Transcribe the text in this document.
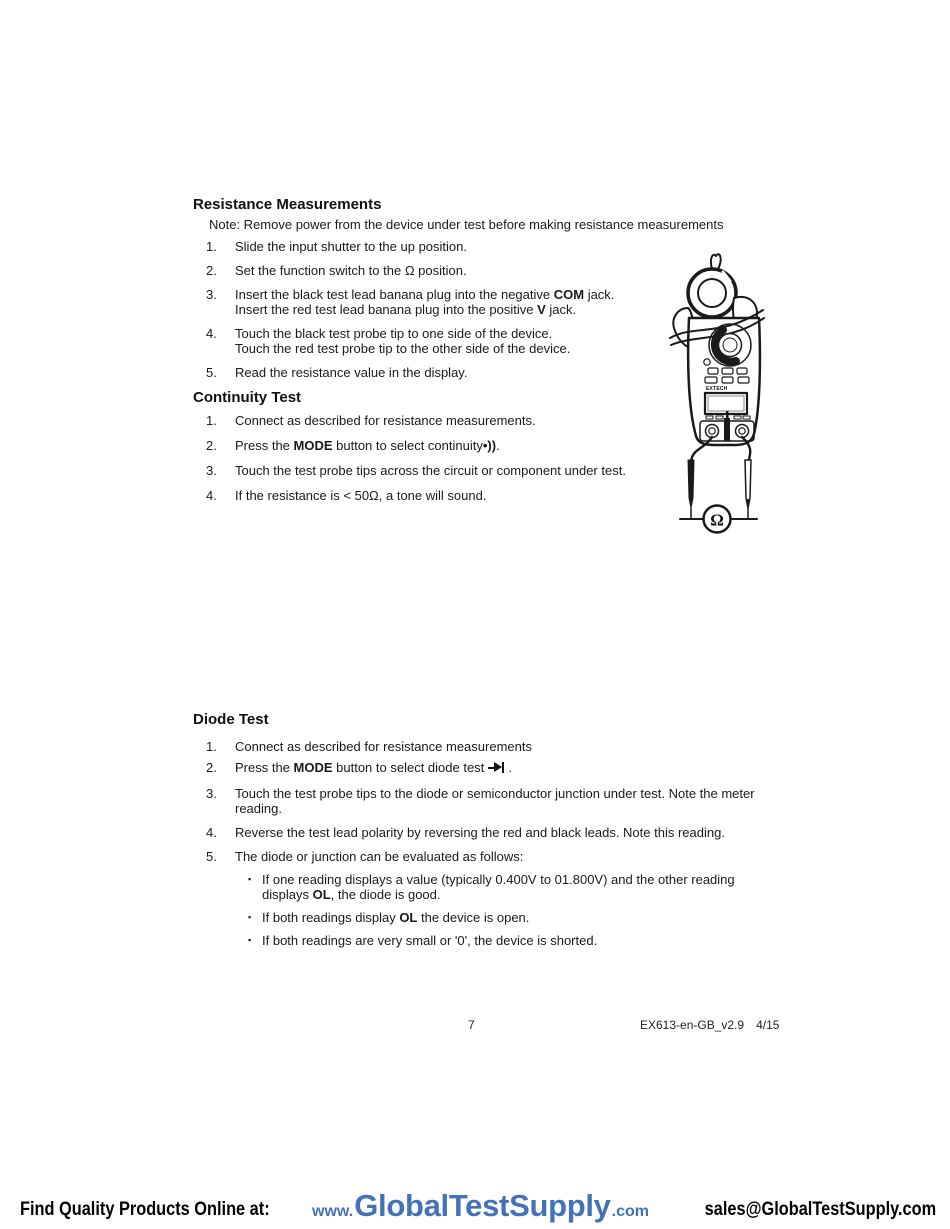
Resistance Measurements

Note: Remove power from the device under test before making resistance measurements

1.	Slide the input shutter to the up position.
2.	Set the function switch to the Ω position.
3.	Insert the black test lead banana plug into the negative COM jack.
Insert the red test lead banana plug into the positive V jack.
4.	Touch the black test probe tip to one side of the device.
Touch the red test probe tip to the other side of the device.
5.	Read the resistance value in the display.
Continuity Test
1.	Connect as described for resistance measurements.
2.	Press the MODE button to select continuity•)).
3.	Touch the test probe tips across the circuit or component under test.
4.	If the resistance is < 50Ω, a tone will sound.
Diode Test
1.	Connect as described for resistance measurements
2.	Press the MODE button to select diode test
.
3.	Touch the test probe tips to the diode or semiconductor junction under test. Note the meter
reading.
4.	Reverse the test lead polarity by reversing the red and black leads. Note this reading.
5.	The diode or junction can be evaluated as follows:
▪ If one reading displays a value (typically 0.400V to 01.800V) and the other reading
displays OL, the diode is good.
▪ If both readings display OL the device is open.
▪ If both readings are very small or '0', the device is shorted.
EXTECH
Ω
7	EX613-en-GB_v2.9 4/15
Find Quality Products Online at:	www. GlobalTestSupply .com	sales@GlobalTestSupply.com
